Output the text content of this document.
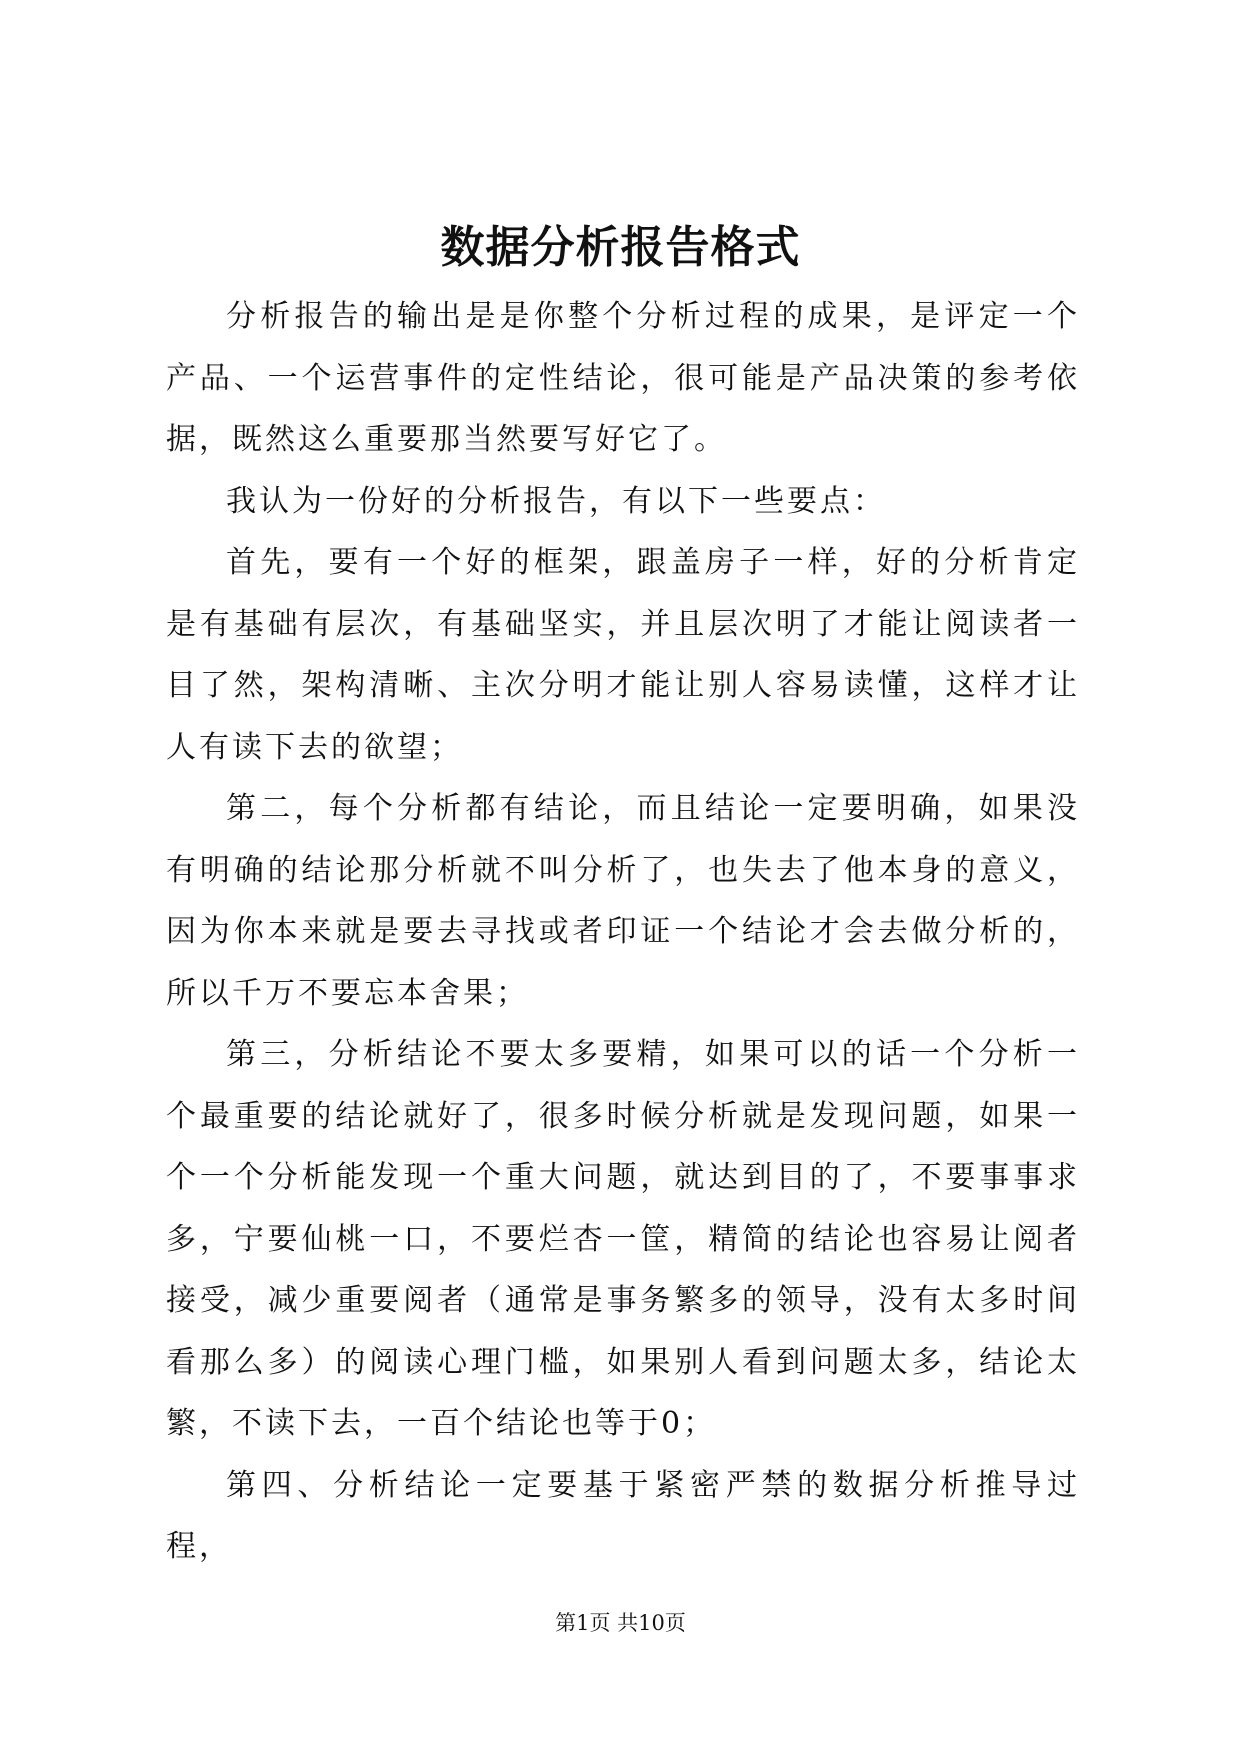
数据分析报告格式

分析报告的输出是是你整个分析过程的成果，是评定一个产品、一个运营事件的定性结论，很可能是产品决策的参考依据，既然这么重要那当然要写好它了。

我认为一份好的分析报告，有以下一些要点：

首先，要有一个好的框架，跟盖房子一样，好的分析肯定是有基础有层次，有基础坚实，并且层次明了才能让阅读者一目了然，架构清晰、主次分明才能让别人容易读懂，这样才让人有读下去的欲望；

第二，每个分析都有结论，而且结论一定要明确，如果没有明确的结论那分析就不叫分析了，也失去了他本身的意义，因为你本来就是要去寻找或者印证一个结论才会去做分析的，所以千万不要忘本舍果；

第三，分析结论不要太多要精，如果可以的话一个分析一个最重要的结论就好了，很多时候分析就是发现问题，如果一个一个分析能发现一个重大问题，就达到目的了，不要事事求多，宁要仙桃一口，不要烂杏一筐，精简的结论也容易让阅者接受，减少重要阅者（通常是事务繁多的领导，没有太多时间看那么多）的阅读心理门槛，如果别人看到问题太多，结论太繁，不读下去，一百个结论也等于0；

第四、分析结论一定要基于紧密严禁的数据分析推导过程，

第1页 共10页
